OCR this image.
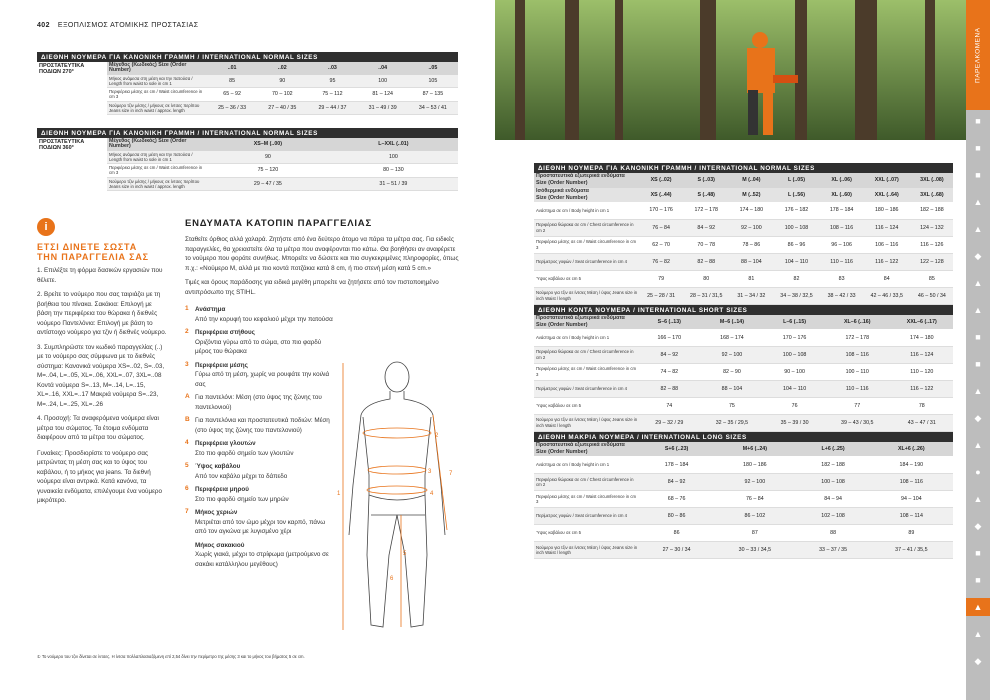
402 ΕΞΟΠΛΙΣΜΟΣ ΑΤΟΜΙΚΗΣ ΠΡΟΣΤΑΣΙΑΣ
ΔΙΕΘΝΗ ΝΟΥΜΕΡΑ ΓΙΑ ΚΑΝΟΝΙΚΗ ΓΡΑΜΜΗ / INTERNATIONAL NORMAL SIZES
ΠΡΟΣΤΑΤΕΥΤΙΚΑ ΠΟΔΙΩΝ 270°	Μέγεθος (Κωδικός) Size (Order Number)	..01	..02	..03	..04	..05
	Μήκος ανάμεσα στη μέση και την πατούσα / Length from waist to sole in cm 1	85	90	95	100	105
	Περιφέρεια μέσης σε cm / Waist circumference in cm 3	65 – 92	70 – 102	75 – 112	81 – 124	87 – 135
	Νούμερο τζιν μέσης / μήκους σε ίντσες περίπου Jeans size in inch waist / approx. length	25 – 36 / 33	27 – 40 / 35	29 – 44 / 37	31 – 49 / 39	34 – 53 / 41
ΔΙΕΘΝΗ ΝΟΥΜΕΡΑ ΓΙΑ ΚΑΝΟΝΙΚΗ ΓΡΑΜΜΗ / INTERNATIONAL NORMAL SIZES
ΠΡΟΣΤΑΤΕΥΤΙΚΑ ΠΟΔΙΩΝ 360°	Μέγεθος (Κωδικός) Size (Order Number)	XS–M (..00)	L–XXL (..01)
	Μήκος ανάμεσα στη μέση και την πατούσα / Length from waist to sole in cm 1	90	100
	Περιφέρεια μέσης σε cm / Waist circumference in cm 3	75 – 120	80 – 130
	Νούμερο τζιν μέσης / μήκους σε ίντσες περίπου Jeans size in inch waist / approx. length	29 – 47 / 35	31 – 51 / 39
i
ΕΤΣΙ ΔΙΝΕΤΕ ΣΩΣΤΑ
ΤΗΝ ΠΑΡΑΓΓΕΛΙΑ ΣΑΣ
1. Επιλέξτε τη φόρμα δασικών εργασιών που θέλετε.
2. Βρείτε το νούμερο που σας ταιριάζει με τη βοήθεια του πίνακα. Σακάκια: Επιλογή με βάση την περιφέρεια του θώρακα ή διεθνές νούμερο Παντελόνια: Επιλογή με βάση το αντίστοιχο νούμερο για τζιν ή διεθνές νούμερο.
3. Συμπληρώστε τον κωδικό παραγγελίας (..) με το νούμερο σας σύμφωνα με το διεθνές σύστημα: Κανονικά νούμερα XS=..02, S=..03, M=..04, L=..05, XL=..06, XXL=..07, 3XL=..08 Κοντά νούμερα S=..13, M=..14, L=..15, XL=..16, XXL=..17 Μακριά νούμερα S=..23, M=..24, L=..25, XL=..26
4. Προσοχή: Τα αναφερόμενα νούμερα είναι μέτρα του σώματος. Τα έτοιμα ενδύματα διαφέρουν από τα μέτρα του σώματος.
Γυναίκες: Προσδιορίστε το νούμερο σας μετρώντας τη μέση σας και το ύψος του καβάλου, ή το μήκος για jeans. Τα διεθνή νούμερα είναι αντρικά. Κατά κανόνα, τα γυναικεία ενδύματα, επιλέγουμε ένα νούμερο μικρότερο.
ΕΝΔΥΜΑΤΑ ΚΑΤΟΠΙΝ ΠΑΡΑΓΓΕΛΙΑΣ
Σταθείτε όρθιος αλλά χαλαρά. Ζητήστε από ένα δεύτερο άτομο να πάρει τα μέτρα σας. Για ειδικές παραγγελίες, θα χρειαστείτε όλα τα μέτρα που αναφέρονται πιο κάτω. Θα βοηθήσει αν αναφέρετε το νούμερο που φοράτε συνήθως. Μπορείτε να δώσετε και πιο συγκεκριμένες πληροφορίες, όπως π.χ.: «Νούμερο M, αλλά με πιο κοντά ποτζάκια κατά 8 cm, ή πιο στενή μέση κατά 5 cm.»
Τιμές και όρους παράδοσης για ειδικά μεγέθη μπορείτε να ζητήσετε από τον πιστοποιημένο αντιπρόσωπο της STIHL.
1	Ανάστημα
Από την κορυφή του κεφαλιού μέχρι την πατούσα
2	Περιφέρεια στήθους
Οριζόντια γύρω από το σώμα, στο πιο φαρδύ μέρος του θώρακα
3	Περιφέρεια μέσης
Γύρω από τη μέση, χωρίς να ρουφάτε την κοιλιά σας
A Για παντελόνι: Μέση (στο ύψος της ζώνης του παντελονιού)
B Για παντελόνια και προστατευτικά ποδιών: Μέση (στο ύψος της ζώνης του παντελονιού)
4	Περιφέρεια γλουτών
Στο πιο φαρδύ σημείο των γλουτών
5	Ύψος καβάλου
Από τον καβάλο μέχρι το δάπεδο
6	Περιφέρεια μηρού
Στο πιο φαρδύ σημείο των μηρών
7	Μήκος χεριών
Μετριέται από τον ώμο μέχρι τον καρπό, πάνω από τον αγκώνα με λυγισμένο χέρι
Μήκος σακακιού
Χωρίς γιακά, μέχρι το στρίφωμα (μετρούμενο σε σακάκι κατάλληλου μεγέθους)
1
2
3
4
5
6
7
① Το νούμερο του τζιν δίνεται σε ίντσες. Η ίντσα πολλαπλασιαζόμενη επί 2,54 δίνει την περίμετρο της μέσης 3 και το μήκος του βήματος 5 σε cm.
ΔΙΕΘΝΗ ΝΟΥΜΕΡΑ ΓΙΑ ΚΑΝΟΝΙΚΗ ΓΡΑΜΜΗ / INTERNATIONAL NORMAL SIZES
Προστατευτικά εξωτερικά ενδύματα	XS (..02)	S (..03)	M (..04)	L (..05)	XL (..06)	XXL (..07)	3XL (..08)
Size (Order Number)							
Ισόθερμικά ενδύματα	XS (..44)	S (..48)	M (..52)	L (..56)	XL (..60)	XXL (..64)	3XL (..68)
Size (Order Number)							
Ανάστημα σε cm / Body height in cm 1	170 – 176	172 – 178	174 – 180	176 – 182	178 – 184	180 – 186	182 – 188
Περιφέρεια θώρακα σε cm / Chest circumference in cm 2	76 – 84	84 – 92	92 – 100	100 – 108	108 – 116	116 – 124	124 – 132
Περιφέρεια μέσης σε cm / Waist circumference in cm 3	62 – 70	70 – 78	78 – 86	86 – 96	96 – 106	106 – 116	116 – 126
Περίμετρος γοφών / Seat circumference in cm 4	76 – 82	82 – 88	88 – 104	104 – 110	110 – 116	116 – 122	122 – 128
Ύψος καβάλου σε cm 5	79	80	81	82	83	84	85
Νούμερο για τζιν σε ίντσες Μέση / ύψος Jeans size in inch Waist / length	25 – 28 / 31	28 – 31 / 31,5	31 – 34 / 32	34 – 38 / 32,5	38 – 42 / 33	42 – 46 / 33,5	46 – 50 / 34
ΔΙΕΘΝΗ ΚΟΝΤΑ ΝΟΥΜΕΡΑ / INTERNATIONAL SHORT SIZES
Προστατευτικά εξωτερικά ενδύματα	S–6 (..13)	M–6 (..14)	L–6 (..15)	XL–6 (..16)	XXL–6 (..17)
Size (Order Number)					
Ανάστημα σε cm / Body height in cm 1	166 – 170	168 – 174	170 – 176	172 – 178	174 – 180
Περιφέρεια θώρακα σε cm / Chest circumference in cm 2	84 – 92	92 – 100	100 – 108	108 – 116	116 – 124
Περιφέρεια μέσης σε cm / Waist circumference in cm 3	74 – 82	82 – 90	90 – 100	100 – 110	110 – 120
Περίμετρος γοφών / Seat circumference in cm 4	82 – 88	88 – 104	104 – 110	110 – 116	116 – 122
Ύψος καβάλου σε cm 5	74	75	76	77	78
Νούμερο για τζιν σε ίντσες Μέση / ύψος Jeans size in inch Waist / length	29 – 32 / 29	32 – 35 / 29,5	35 – 39 / 30	39 – 43 / 30,5	43 – 47 / 31
ΔΙΕΘΝΗ ΜΑΚΡΙΑ ΝΟΥΜΕΡΑ / INTERNATIONAL LONG SIZES
Προστατευτικά εξωτερικά ενδύματα	S+6 (..23)	M+6 (..24)	L+6 (..25)	XL+6 (..26)
Size (Order Number)				
Ανάστημα σε cm / Body height in cm 1	178 – 184	180 – 186	182 – 188	184 – 190
Περιφέρεια θώρακα σε cm / Chest circumference in cm 2	84 – 92	92 – 100	100 – 108	108 – 116
Περιφέρεια μέσης σε cm / Waist circumference in cm 3	68 – 76	76 – 84	84 – 94	94 – 104
Περίμετρος γοφών / Seat circumference in cm 4	80 – 86	86 – 102	102 – 108	108 – 114
Ύψος καβάλου σε cm 5	86	87	88	89
Νούμερο για τζιν σε ίντσες Μέση / ύψος Jeans size in inch Waist / length	27 – 30 / 34	30 – 33 / 34,5	33 – 37 / 35	37 – 41 / 35,5
ΠΑΡΕΛΚΟΜΕΝΑ
■
■
■
▲
▲
◆
▲
▲
■
■
▲
◆
▲
●
▲
◆
■
■
▲
▲
◆
